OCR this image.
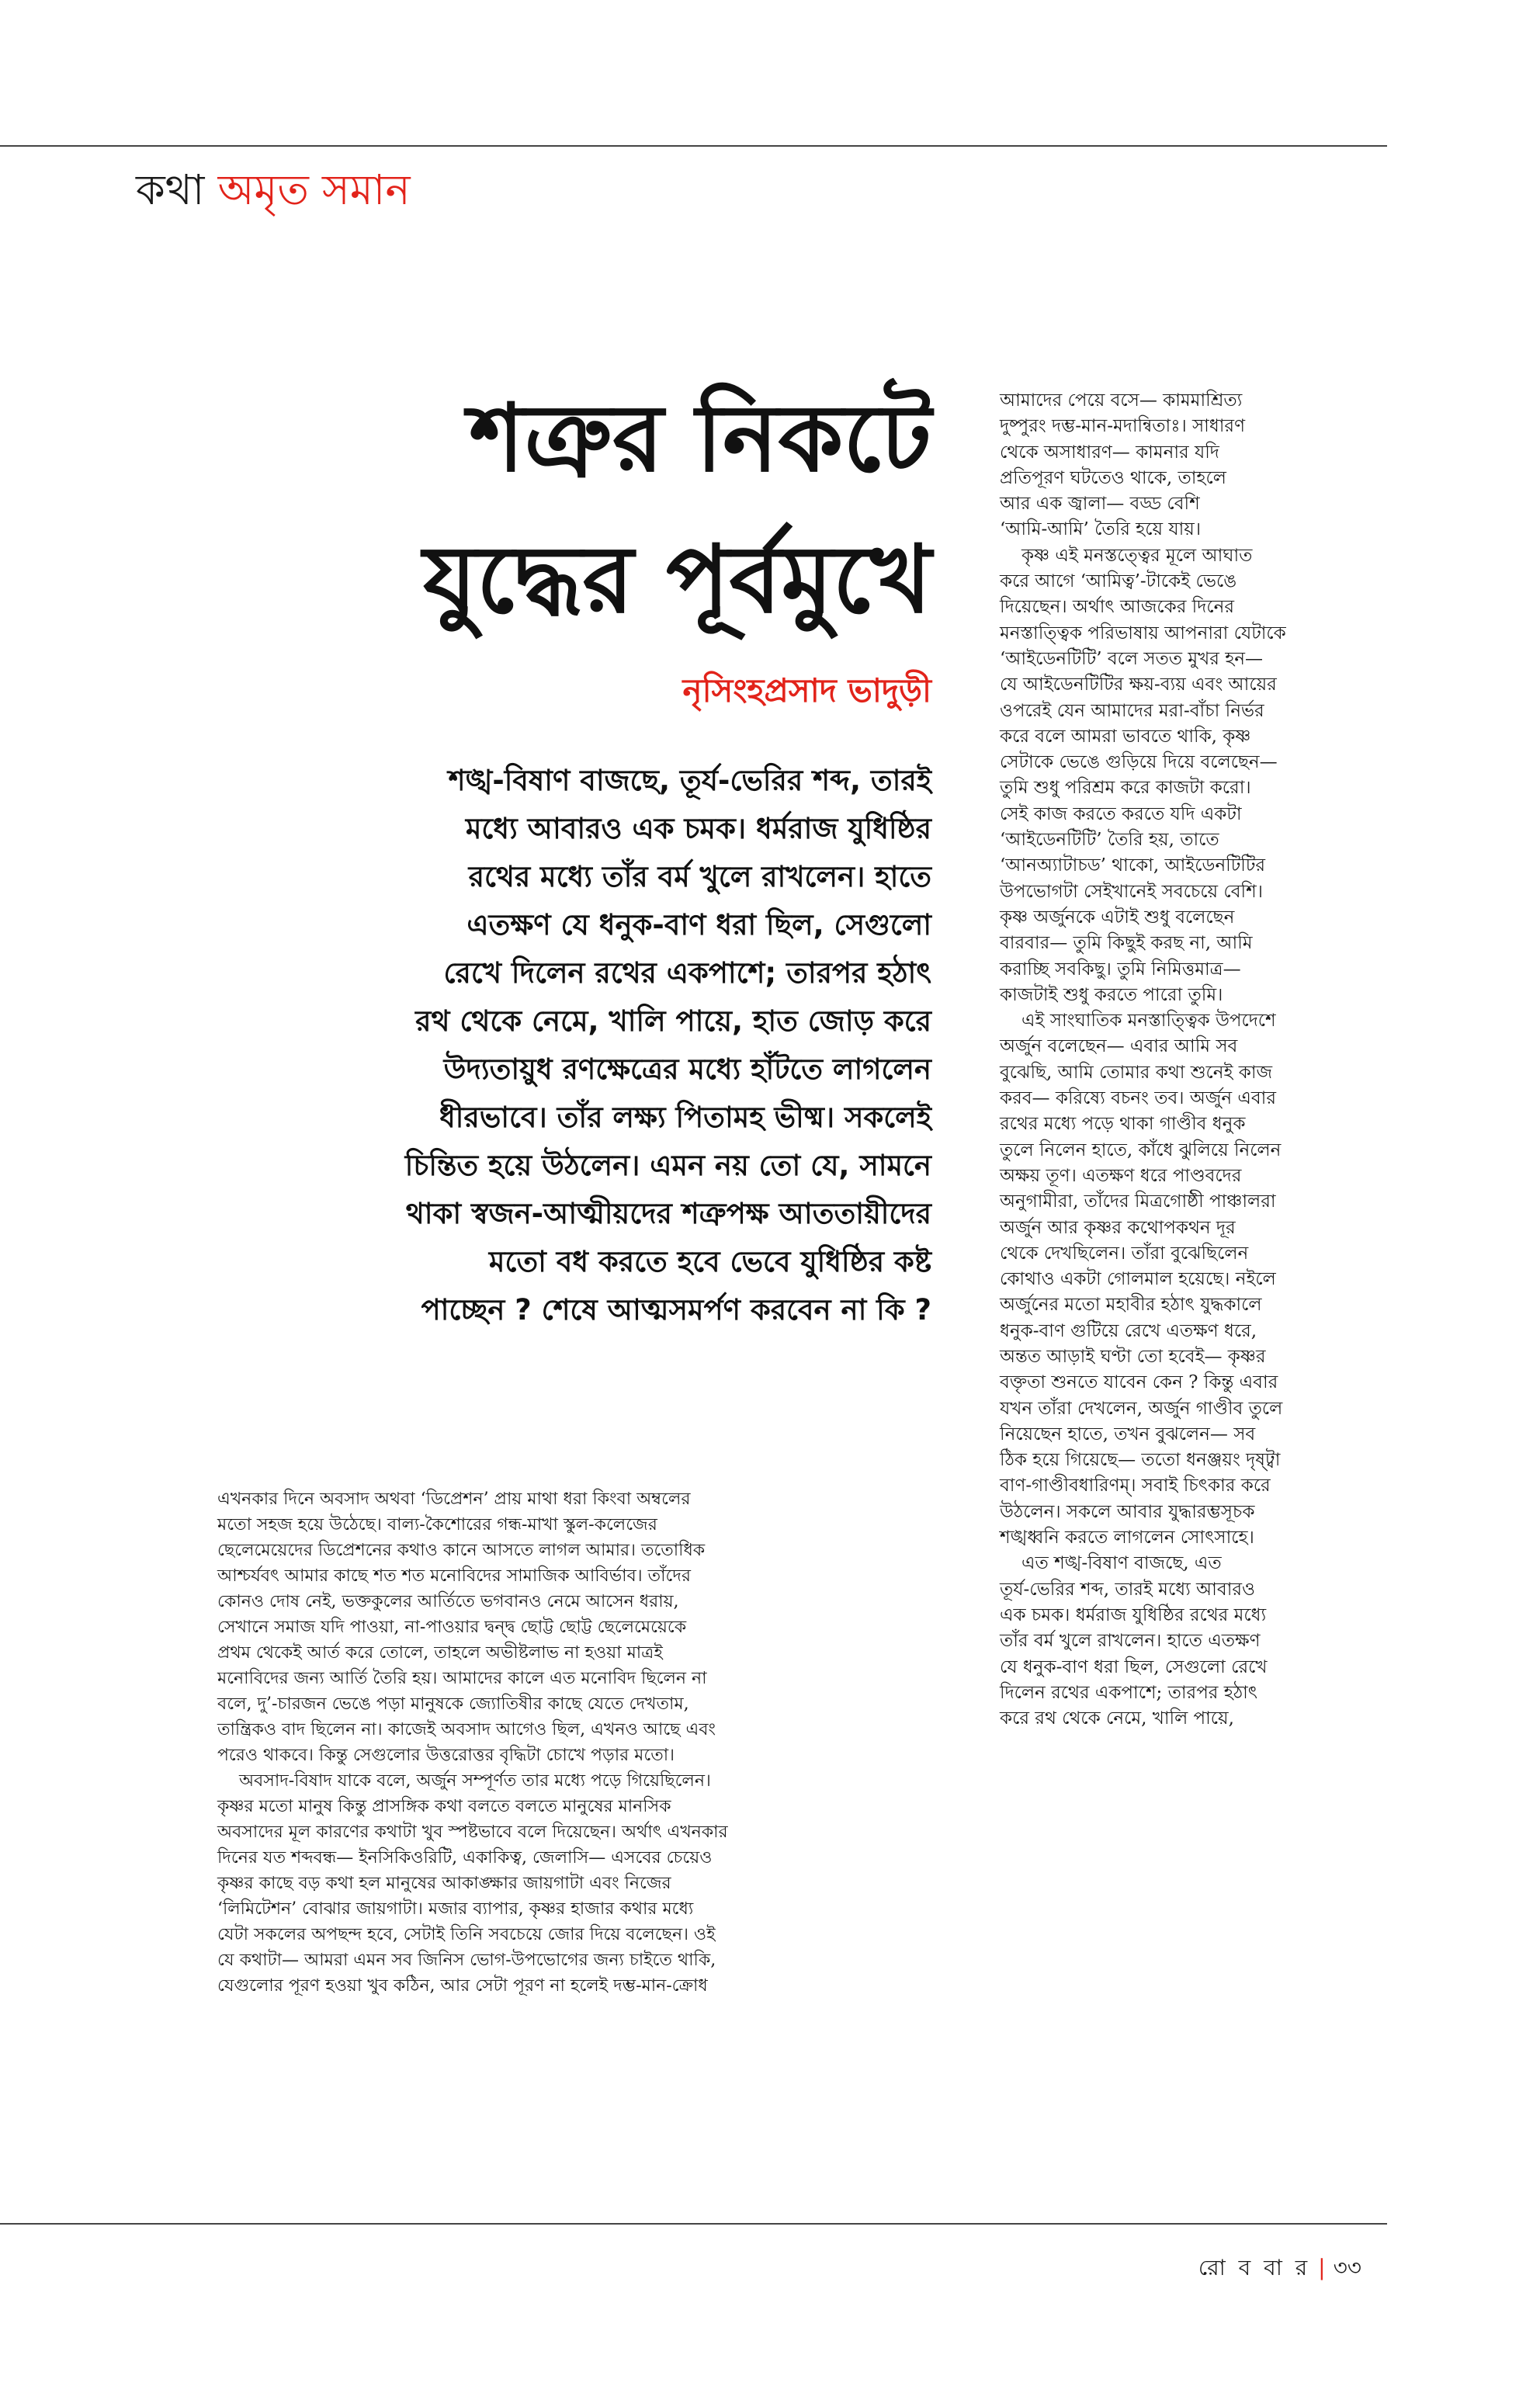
কথা অমৃত সমান
শত্রুর নিকটে
যুদ্ধের পূর্বমুখে
নৃসিংহপ্রসাদ ভাদুড়ী
শঙ্খ-বিষাণ বাজছে, তূর্য-ভেরির শব্দ, তারই
মধ্যে আবারও এক চমক। ধর্মরাজ যুধিষ্ঠির
রথের মধ্যে তাঁর বর্ম খুলে রাখলেন। হাতে
এতক্ষণ যে ধনুক-বাণ ধরা ছিল, সেগুলো
রেখে দিলেন রথের একপাশে; তারপর হঠাৎ
রথ থেকে নেমে, খালি পায়ে, হাত জোড় করে
উদ্যতায়ুধ রণক্ষেত্রের মধ্যে হাঁটতে লাগলেন
ধীরভাবে। তাঁর লক্ষ্য পিতামহ ভীষ্ম। সকলেই
চিন্তিত হয়ে উঠলেন। এমন নয় তো যে, সামনে
থাকা স্বজন-আত্মীয়দের শত্রুপক্ষ আততায়ীদের
মতো বধ করতে হবে ভেবে যুধিষ্ঠির কষ্ট
পাচ্ছেন ? শেষে আত্মসমর্পণ করবেন না কি ?
এখনকার দিনে অবসাদ অথবা ‘ডিপ্রেশন’ প্রায় মাথা ধরা কিংবা অম্বলের
মতো সহজ হয়ে উঠেছে। বাল্য-কৈশোরের গন্ধ-মাখা স্কুল-কলেজের
ছেলেমেয়েদের ডিপ্রেশনের কথাও কানে আসতে লাগল আমার। ততোধিক
আশ্চর্যবৎ আমার কাছে শত শত মনোবিদের সামাজিক আবির্ভাব। তাঁদের
কোনও দোষ নেই, ভক্তকুলের আর্তিতে ভগবানও নেমে আসেন ধরায়,
সেখানে সমাজ যদি পাওয়া, না-পাওয়ার দ্বন্দ্ব ছোট্ট ছোট্ট ছেলেমেয়েকে
প্রথম থেকেই আর্ত করে তোলে, তাহলে অভীষ্টলাভ না হওয়া মাত্রই
মনোবিদের জন্য আর্তি তৈরি হয়। আমাদের কালে এত মনোবিদ ছিলেন না
বলে, দু’-চারজন ভেঙে পড়া মানুষকে জ্যোতিষীর কাছে যেতে দেখতাম,
তান্ত্রিকও বাদ ছিলেন না। কাজেই অবসাদ আগেও ছিল, এখনও আছে এবং
পরেও থাকবে। কিন্তু সেগুলোর উত্তরোত্তর বৃদ্ধিটা চোখে পড়ার মতো।
অবসাদ-বিষাদ যাকে বলে, অর্জুন সম্পূর্ণত তার মধ্যে পড়ে গিয়েছিলেন।
কৃষ্ণর মতো মানুষ কিন্তু প্রাসঙ্গিক কথা বলতে বলতে মানুষের মানসিক
অবসাদের মূল কারণের কথাটা খুব স্পষ্টভাবে বলে দিয়েছেন। অর্থাৎ এখনকার
দিনের যত শব্দবন্ধ— ইনসিকিওরিটি, একাকিত্ব, জেলাসি— এসবের চেয়েও
কৃষ্ণর কাছে বড় কথা হল মানুষের আকাঙ্ক্ষার জায়গাটা এবং নিজের
‘লিমিটেশন’ বোঝার জায়গাটা। মজার ব্যাপার, কৃষ্ণর হাজার কথার মধ্যে
যেটা সকলের অপছন্দ হবে, সেটাই তিনি সবচেয়ে জোর দিয়ে বলেছেন। ওই
যে কথাটা— আমরা এমন সব জিনিস ভোগ-উপভোগের জন্য চাইতে থাকি,
যেগুলোর পূরণ হওয়া খুব কঠিন, আর সেটা পূরণ না হলেই দম্ভ-মান-ক্রোধ
আমাদের পেয়ে বসে— কামমাশ্রিত্য
দুষ্পুরং দম্ভ-মান-মদান্বিতাঃ। সাধারণ
থেকে অসাধারণ— কামনার যদি
প্রতিপূরণ ঘটতেও থাকে, তাহলে
আর এক জ্বালা— বড্ড বেশি
‘আমি-আমি’ তৈরি হয়ে যায়।
কৃষ্ণ এই মনস্তত্ত্বের মূলে আঘাত
করে আগে ‘আমিত্ব’-টাকেই ভেঙে
দিয়েছেন। অর্থাৎ আজকের দিনের
মনস্তাত্ত্বিক পরিভাষায় আপনারা যেটাকে
‘আইডেনটিটি’ বলে সতত মুখর হন—
যে আইডেনটিটির ক্ষয়-ব্যয় এবং আয়ের
ওপরেই যেন আমাদের মরা-বাঁচা নির্ভর
করে বলে আমরা ভাবতে থাকি, কৃষ্ণ
সেটাকে ভেঙে গুড়িয়ে দিয়ে বলেছেন—
তুমি শুধু পরিশ্রম করে কাজটা করো।
সেই কাজ করতে করতে যদি একটা
‘আইডেনটিটি’ তৈরি হয়, তাতে
‘আনঅ্যাটাচড’ থাকো, আইডেনটিটির
উপভোগটা সেইখানেই সবচেয়ে বেশি।
কৃষ্ণ অর্জুনকে এটাই শুধু বলেছেন
বারবার— তুমি কিছুই করছ না, আমি
করাচ্ছি সবকিছু। তুমি নিমিত্তমাত্র—
কাজটাই শুধু করতে পারো তুমি।
এই সাংঘাতিক মনস্তাত্ত্বিক উপদেশে
অর্জুন বলেছেন— এবার আমি সব
বুঝেছি, আমি তোমার কথা শুনেই কাজ
করব— করিষ্যে বচনং তব। অর্জুন এবার
রথের মধ্যে পড়ে থাকা গাণ্ডীব ধনুক
তুলে নিলেন হাতে, কাঁধে ঝুলিয়ে নিলেন
অক্ষয় তূণ। এতক্ষণ ধরে পাণ্ডবদের
অনুগামীরা, তাঁদের মিত্রগোষ্ঠী পাঞ্চালরা
অর্জুন আর কৃষ্ণর কথোপকথন দূর
থেকে দেখছিলেন। তাঁরা বুঝেছিলেন
কোথাও একটা গোলমাল হয়েছে। নইলে
অর্জুনের মতো মহাবীর হঠাৎ যুদ্ধকালে
ধনুক-বাণ গুটিয়ে রেখে এতক্ষণ ধরে,
অন্তত আড়াই ঘণ্টা তো হবেই— কৃষ্ণর
বক্তৃতা শুনতে যাবেন কেন ? কিন্তু এবার
যখন তাঁরা দেখলেন, অর্জুন গাণ্ডীব তুলে
নিয়েছেন হাতে, তখন বুঝলেন— সব
ঠিক হয়ে গিয়েছে— ততো ধনঞ্জয়ং দৃষ্ট্বা
বাণ-গাণ্ডীবধারিণম্। সবাই চিৎকার করে
উঠলেন। সকলে আবার যুদ্ধারম্ভসূচক
শঙ্খধ্বনি করতে লাগলেন সোৎসাহে।
এত শঙ্খ-বিষাণ বাজছে, এত
তূর্য-ভেরির শব্দ, তারই মধ্যে আবারও
এক চমক। ধর্মরাজ যুধিষ্ঠির রথের মধ্যে
তাঁর বর্ম খুলে রাখলেন। হাতে এতক্ষণ
যে ধনুক-বাণ ধরা ছিল, সেগুলো রেখে
দিলেন রথের একপাশে; তারপর হঠাৎ
করে রথ থেকে নেমে, খালি পায়ে,
রো ব বা র | ৩৩
